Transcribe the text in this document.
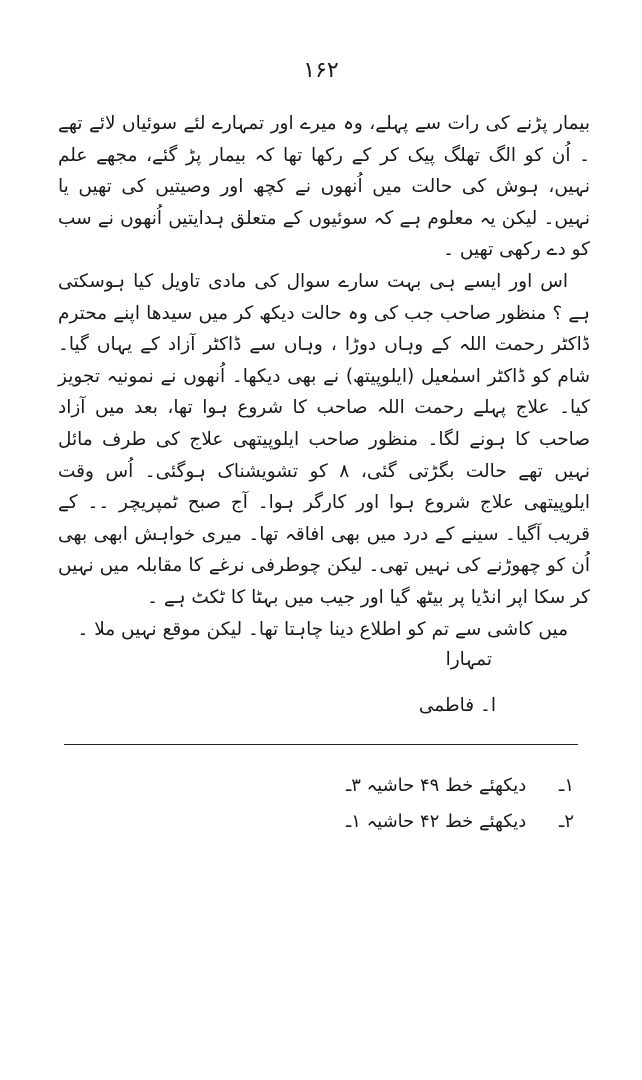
۱۶۲

بیمار پڑنے کی رات سے پہلے، وہ میرے اور تمہارے لئے سوئیاں لائے تھے ۔ اُن کو الگ تھلگ پیک کر کے رکھا تھا کہ بیمار پڑ گئے، مجھے علم نہیں، ہوش کی حالت میں اُنھوں نے کچھ اور وصیتیں کی تھیں یا نہیں۔ لیکن یہ معلوم ہے کہ سوئیوں کے متعلق ہدایتیں اُنھوں نے سب کو دے رکھی تھیں ۔

اس اور ایسے ہی بہت سارے سوال کی مادی تاویل کیا ہوسکتی ہے ؟ منظور صاحب جب کی وہ حالت دیکھ کر میں سیدھا اپنے محترم ڈاکٹر رحمت اللہ کے وہاں دوڑا ، وہاں سے ڈاکٹر آزاد کے یہاں گیا۔ شام کو ڈاکٹر اسمٰعیل (ایلوپیتھ) نے بھی دیکھا۔ اُنھوں نے نمونیہ تجویز کیا۔ علاج پہلے رحمت اللہ صاحب کا شروع ہوا تھا، بعد میں آزاد صاحب کا ہونے لگا۔ منظور صاحب ایلوپیتھی علاج کی طرف مائل نہیں تھے حالت بگڑتی گئی، ۸ کو تشویشناک ہوگئی۔ اُس وقت ایلوپیتھی علاج شروع ہوا اور کارگر ہوا۔ آج صبح ٹمپریچر ۔۔ کے قریب آگیا۔ سینے کے درد میں بھی افاقہ تھا۔ میری خواہش ابھی بھی اُن کو چھوڑنے کی نہیں تھی۔ لیکن چوطرفی نرغے کا مقابلہ میں نہیں کر سکا اپر انڈیا پر بیٹھ گیا اور جیب میں بہٹا کا ٹکٹ ہے ۔

میں کاشی سے تم کو اطلاع دینا چاہتا تھا۔ لیکن موقع نہیں ملا ۔

تمہارا
ا۔ فاطمی
۱ـ دیکھئے خط ۴۹ حاشیہ ۳ـ
۲ـ دیکھئے خط ۴۲ حاشیہ ۱ـ
